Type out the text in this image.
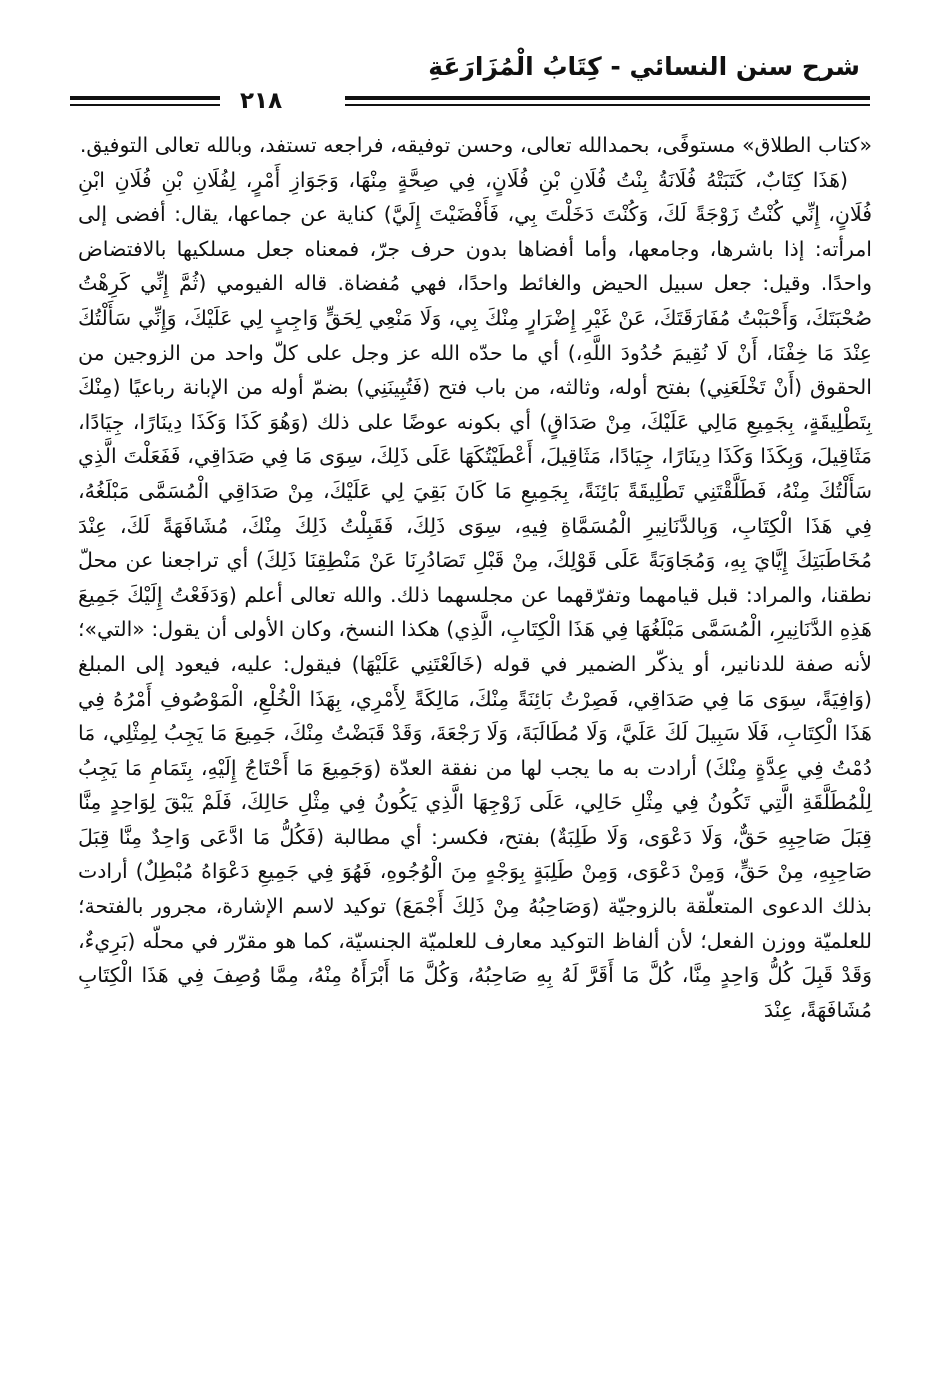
شرح سنن النسائي - كِتَابُ الْمُزَارَعَةِ
٢١٨

«كتاب الطلاق» مستوفًى، بحمدالله تعالى، وحسن توفيقه، فراجعه تستفد، وبالله تعالى التوفيق.

(هَذَا كِتَابٌ، كَتَبَتْهُ فُلَانَةُ بِنْتُ فُلَانِ بْنِ فُلَانٍ، فِي صِحَّةٍ مِنْهَا، وَجَوَازِ أَمْرٍ، لِفُلَانِ بْنِ فُلَانِ ابْنِ فُلَانٍ، إِنِّي كُنْتُ زَوْجَةً لَكَ، وَكُنْتَ دَخَلْتَ بِي، فَأَفْضَيْتَ إِلَيَّ) كناية عن جماعها، يقال: أفضى إلى امرأته: إذا باشرها، وجامعها، وأما أفضاها بدون حرف جرّ، فمعناه جعل مسلكيها بالافتضاض واحدًا. وقيل: جعل سبيل الحيض والغائط واحدًا، فهي مُفضاة. قاله الفيومي (ثُمَّ إِنِّي كَرِهْتُ صُحْبَتَكَ، وَأَحْبَبْتُ مُفَارَقَتَكَ، عَنْ غَيْرِ إِضْرَارٍ مِنْكَ بِي، وَلَا مَنْعِي لِحَقٍّ وَاجِبٍ لِي عَلَيْكَ، وَإِنِّي سَأَلْتُكَ عِنْدَ مَا خِفْنَا، أَنْ لَا نُقِيمَ حُدُودَ اللَّهِ،) أي ما حدّه الله عز وجل على كلّ واحد من الزوجين من الحقوق (أَنْ تَخْلَعَنِي) بفتح أوله، وثالثه، من باب فتح (فَتُبِينَنِي) بضمّ أوله من الإبانة رباعيًا (مِنْكَ بِتَطْلِيقَةٍ، بِجَمِيعِ مَالِي عَلَيْكَ، مِنْ صَدَاقٍ) أي بكونه عوضًا على ذلك (وَهُوَ كَذَا وَكَذَا دِينَارًا، جِيَادًا، مَثَاقِيلَ، وَبِكَذَا وَكَذَا دِينَارًا، جِيَادًا، مَثَاقِيلَ، أَعْطَيْتُكَهَا عَلَى ذَلِكَ، سِوَى مَا فِي صَدَاقِي، فَفَعَلْتَ الَّذِي سَأَلْتُكَ مِنْهُ، فَطَلَّقْتَنِي تَطْلِيقَةً بَائِنَةً، بِجَمِيعِ مَا كَانَ بَقِيَ لِي عَلَيْكَ، مِنْ صَدَاقِي الْمُسَمَّى مَبْلَغُهُ، فِي هَذَا الْكِتَابِ، وَبِالدَّنَانِيرِ الْمُسَمَّاةِ فِيهِ، سِوَى ذَلِكَ، فَقَبِلْتُ ذَلِكَ مِنْكَ، مُشَافَهَةً لَكَ، عِنْدَ مُخَاطَبَتِكَ إِيَّايَ بِهِ، وَمُجَاوَبَةً عَلَى قَوْلِكَ، مِنْ قَبْلِ تَصَادُرِنَا عَنْ مَنْطِقِنَا ذَلِكَ) أي تراجعنا عن محلّ نطقنا، والمراد: قبل قيامهما وتفرّقهما عن مجلسهما ذلك. والله تعالى أعلم (وَدَفَعْتُ إِلَيْكَ جَمِيعَ هَذِهِ الدَّنَانِيرِ، الْمُسَمَّى مَبْلَغُهَا فِي هَذَا الْكِتَابِ، الَّذِي) هكذا النسخ، وكان الأولى أن يقول: «التي»؛ لأنه صفة للدنانير، أو يذكّر الضمير في قوله (خَالَعْتَنِي عَلَيْهَا) فيقول: عليه، فيعود إلى المبلغ (وَافِيَةً، سِوَى مَا فِي صَدَاقِي، فَصِرْتُ بَائِنَةً مِنْكَ، مَالِكَةً لِأَمْرِي، بِهَذَا الْخُلْعِ، الْمَوْصُوفِ أَمْرُهُ فِي هَذَا الْكِتَابِ، فَلَا سَبِيلَ لَكَ عَلَيَّ، وَلَا مُطَالَبَةَ، وَلَا رَجْعَةَ، وَقَدْ قَبَضْتُ مِنْكَ، جَمِيعَ مَا يَجِبُ لِمِثْلِي، مَا دُمْتُ فِي عِدَّةٍ مِنْكَ) أرادت به ما يجب لها من نفقة العدّة (وَجَمِيعَ مَا أَحْتَاجُ إِلَيْهِ، بِتَمَامِ مَا يَجِبُ لِلْمُطَلَّقَةِ الَّتِي تَكُونُ فِي مِثْلِ حَالِي، عَلَى زَوْجِهَا الَّذِي يَكُونُ فِي مِثْلِ حَالِكَ، فَلَمْ يَبْقَ لِوَاحِدٍ مِنَّا قِبَلَ صَاحِبِهِ حَقٌّ، وَلَا دَعْوَى، وَلَا طَلِبَةٌ) بفتح، فكسر: أي مطالبة (فَكُلُّ مَا ادَّعَى وَاحِدٌ مِنَّا قِبَلَ صَاحِبِهِ، مِنْ حَقٍّ، وَمِنْ دَعْوَى، وَمِنْ طَلِبَةٍ بِوَجْهٍ مِنَ الْوُجُوهِ، فَهُوَ فِي جَمِيعِ دَعْوَاهُ مُبْطِلٌ) أرادت بذلك الدعوى المتعلّقة بالزوجيّة (وَصَاحِبُهُ مِنْ ذَلِكَ أَجْمَعَ) توكيد لاسم الإشارة، مجرور بالفتحة؛ للعلميّة ووزن الفعل؛ لأن ألفاظ التوكيد معارف للعلميّة الجنسيّة، كما هو مقرّر في محلّه (بَرِيءٌ، وَقَدْ قَبِلَ كُلُّ وَاحِدٍ مِنَّا، كُلَّ مَا أَقَرَّ لَهُ بِهِ صَاحِبُهُ، وَكُلَّ مَا أَبْرَأَهُ مِنْهُ، مِمَّا وُصِفَ فِي هَذَا الْكِتَابِ مُشَافَهَةً، عِنْدَ
